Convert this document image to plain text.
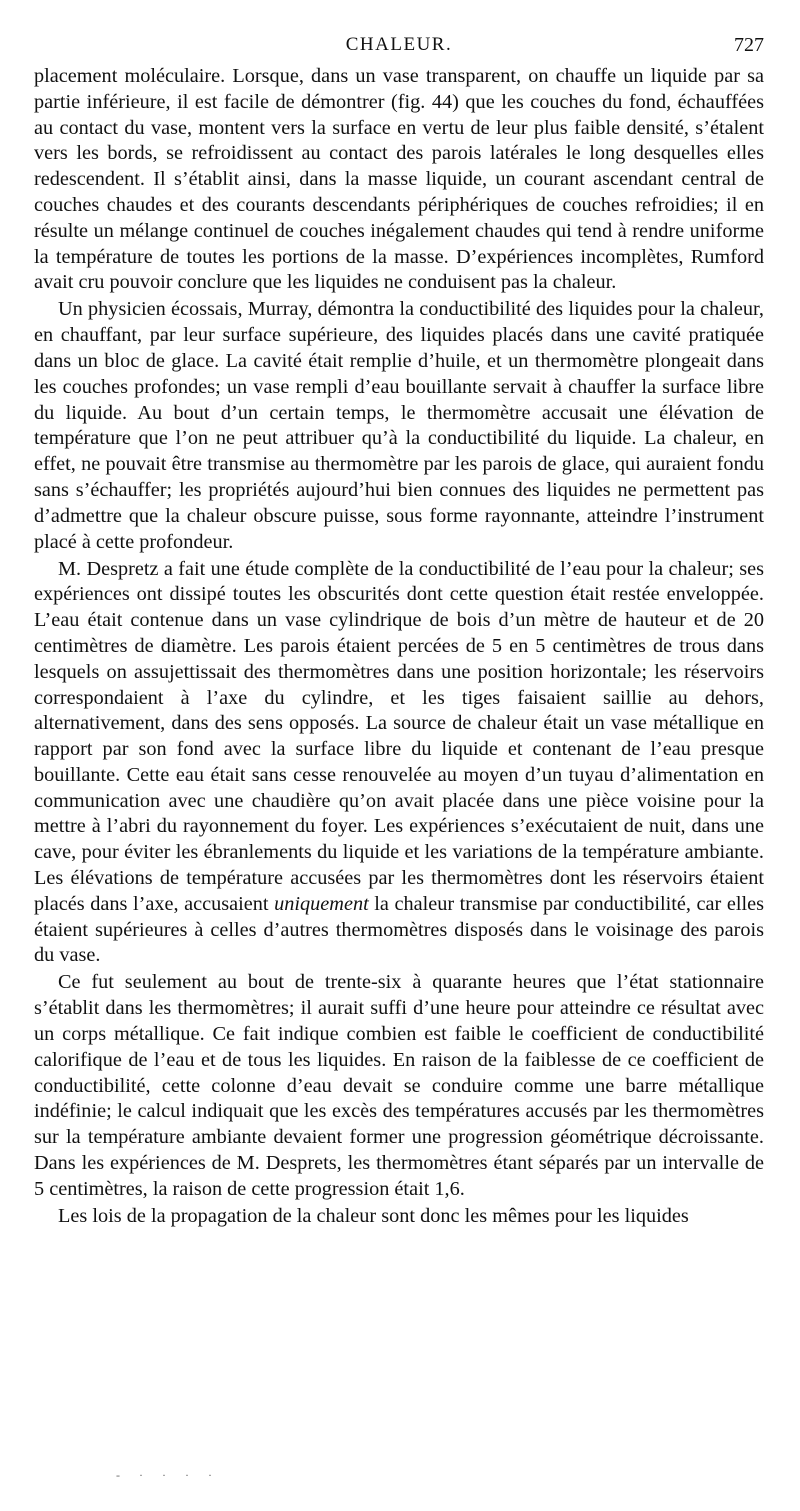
CHALEUR.	727

placement moléculaire. Lorsque, dans un vase transparent, on chauffe un liquide par sa partie inférieure, il est facile de démontrer (fig. 44) que les couches du fond, échauffées au contact du vase, montent vers la surface en vertu de leur plus faible densité, s’étalent vers les bords, se refroidissent au contact des parois latérales le long desquelles elles redescendent. Il s’établit ainsi, dans la masse liquide, un courant ascendant central de couches chaudes et des courants descendants périphériques de couches refroidies; il en résulte un mélange continuel de couches inégalement chaudes qui tend à rendre uniforme la température de toutes les portions de la masse. D’expériences incomplètes, Rumford avait cru pouvoir conclure que les liquides ne conduisent pas la chaleur.

Un physicien écossais, Murray, démontra la conductibilité des liquides pour la chaleur, en chauffant, par leur surface supérieure, des liquides placés dans une cavité pratiquée dans un bloc de glace. La cavité était remplie d’huile, et un thermomètre plongeait dans les couches profondes; un vase rempli d’eau bouillante servait à chauffer la surface libre du liquide. Au bout d’un certain temps, le thermomètre accusait une élévation de température que l’on ne peut attribuer qu’à la conductibilité du liquide. La chaleur, en effet, ne pouvait être transmise au thermomètre par les parois de glace, qui auraient fondu sans s’échauffer; les propriétés aujourd’hui bien connues des liquides ne permettent pas d’admettre que la chaleur obscure puisse, sous forme rayonnante, atteindre l’instrument placé à cette profondeur.

M. Despretz a fait une étude complète de la conductibilité de l’eau pour la chaleur; ses expériences ont dissipé toutes les obscurités dont cette question était restée enveloppée. L’eau était contenue dans un vase cylindrique de bois d’un mètre de hauteur et de 20 centimètres de diamètre. Les parois étaient percées de 5 en 5 centimètres de trous dans lesquels on assujettissait des thermomètres dans une position horizontale; les réservoirs correspondaient à l’axe du cylindre, et les tiges faisaient saillie au dehors, alternativement, dans des sens opposés. La source de chaleur était un vase métallique en rapport par son fond avec la surface libre du liquide et contenant de l’eau presque bouillante. Cette eau était sans cesse renouvelée au moyen d’un tuyau d’alimentation en communication avec une chaudière qu’on avait placée dans une pièce voisine pour la mettre à l’abri du rayonnement du foyer. Les expériences s’exécutaient de nuit, dans une cave, pour éviter les ébranlements du liquide et les variations de la température ambiante. Les élévations de température accusées par les thermomètres dont les réservoirs étaient placés dans l’axe, accusaient uniquement la chaleur transmise par conductibilité, car elles étaient supérieures à celles d’autres thermomètres disposés dans le voisinage des parois du vase.

Ce fut seulement au bout de trente-six à quarante heures que l’état stationnaire s’établit dans les thermomètres; il aurait suffi d’une heure pour atteindre ce résultat avec un corps métallique. Ce fait indique combien est faible le coefficient de conductibilité calorifique de l’eau et de tous les liquides. En raison de la faiblesse de ce coefficient de conductibilité, cette colonne d’eau devait se conduire comme une barre métallique indéfinie; le calcul indiquait que les excès des températures accusés par les thermomètres sur la température ambiante devaient former une progression géométrique décroissante. Dans les expériences de M. Desprets, les thermomètres étant séparés par un intervalle de 5 centimètres, la raison de cette progression était 1,6.

Les lois de la propagation de la chaleur sont donc les mêmes pour les liquides

- · · · ·
